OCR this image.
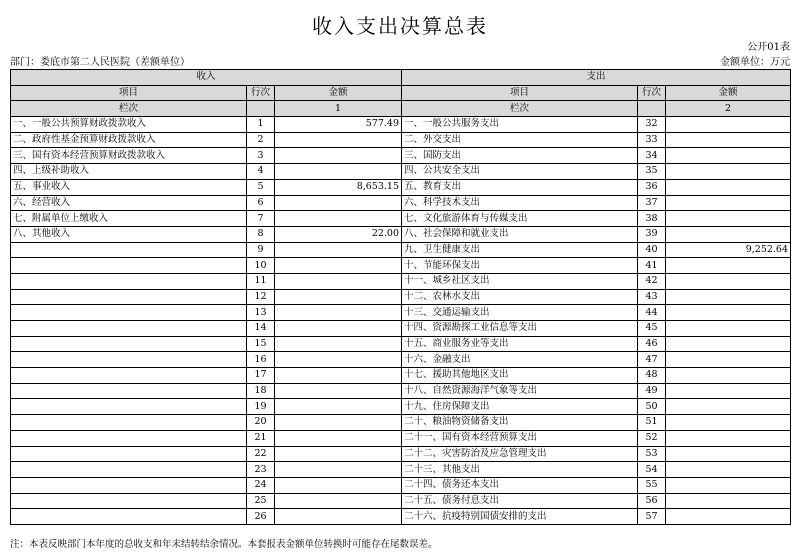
收入支出决算总表
公开01表
部门：娄底市第二人民医院（差额单位）	金额单位：万元
收入			支出		
项目	行次	金额	项目	行次	金额
栏次		1	栏次		2
一、一般公共预算财政拨款收入	1	577.49	一、一般公共服务支出	32	
二、政府性基金预算财政拨款收入	2		二、外交支出	33	
三、国有资本经营预算财政拨款收入	3		三、国防支出	34	
四、上级补助收入	4		四、公共安全支出	35	
五、事业收入	5	8,653.15	五、教育支出	36	
六、经营收入	6		六、科学技术支出	37	
七、附属单位上缴收入	7		七、文化旅游体育与传媒支出	38	
八、其他收入	8	22.00	八、社会保障和就业支出	39	
	9		九、卫生健康支出	40	9,252.64
	10		十、节能环保支出	41	
	11		十一、城乡社区支出	42	
	12		十二、农林水支出	43	
	13		十三、交通运输支出	44	
	14		十四、资源勘探工业信息等支出	45	
	15		十五、商业服务业等支出	46	
	16		十六、金融支出	47	
	17		十七、援助其他地区支出	48	
	18		十八、自然资源海洋气象等支出	49	
	19		十九、住房保障支出	50	
	20		二十、粮油物资储备支出	51	
	21		二十一、国有资本经营预算支出	52	
	22		二十二、灾害防治及应急管理支出	53	
	23		二十三、其他支出	54	
	24		二十四、债务还本支出	55	
	25		二十五、债务付息支出	56	
	26		二十六、抗疫特别国债安排的支出	57	
注：本表反映部门本年度的总收支和年末结转结余情况。本套报表金额单位转换时可能存在尾数误差。
